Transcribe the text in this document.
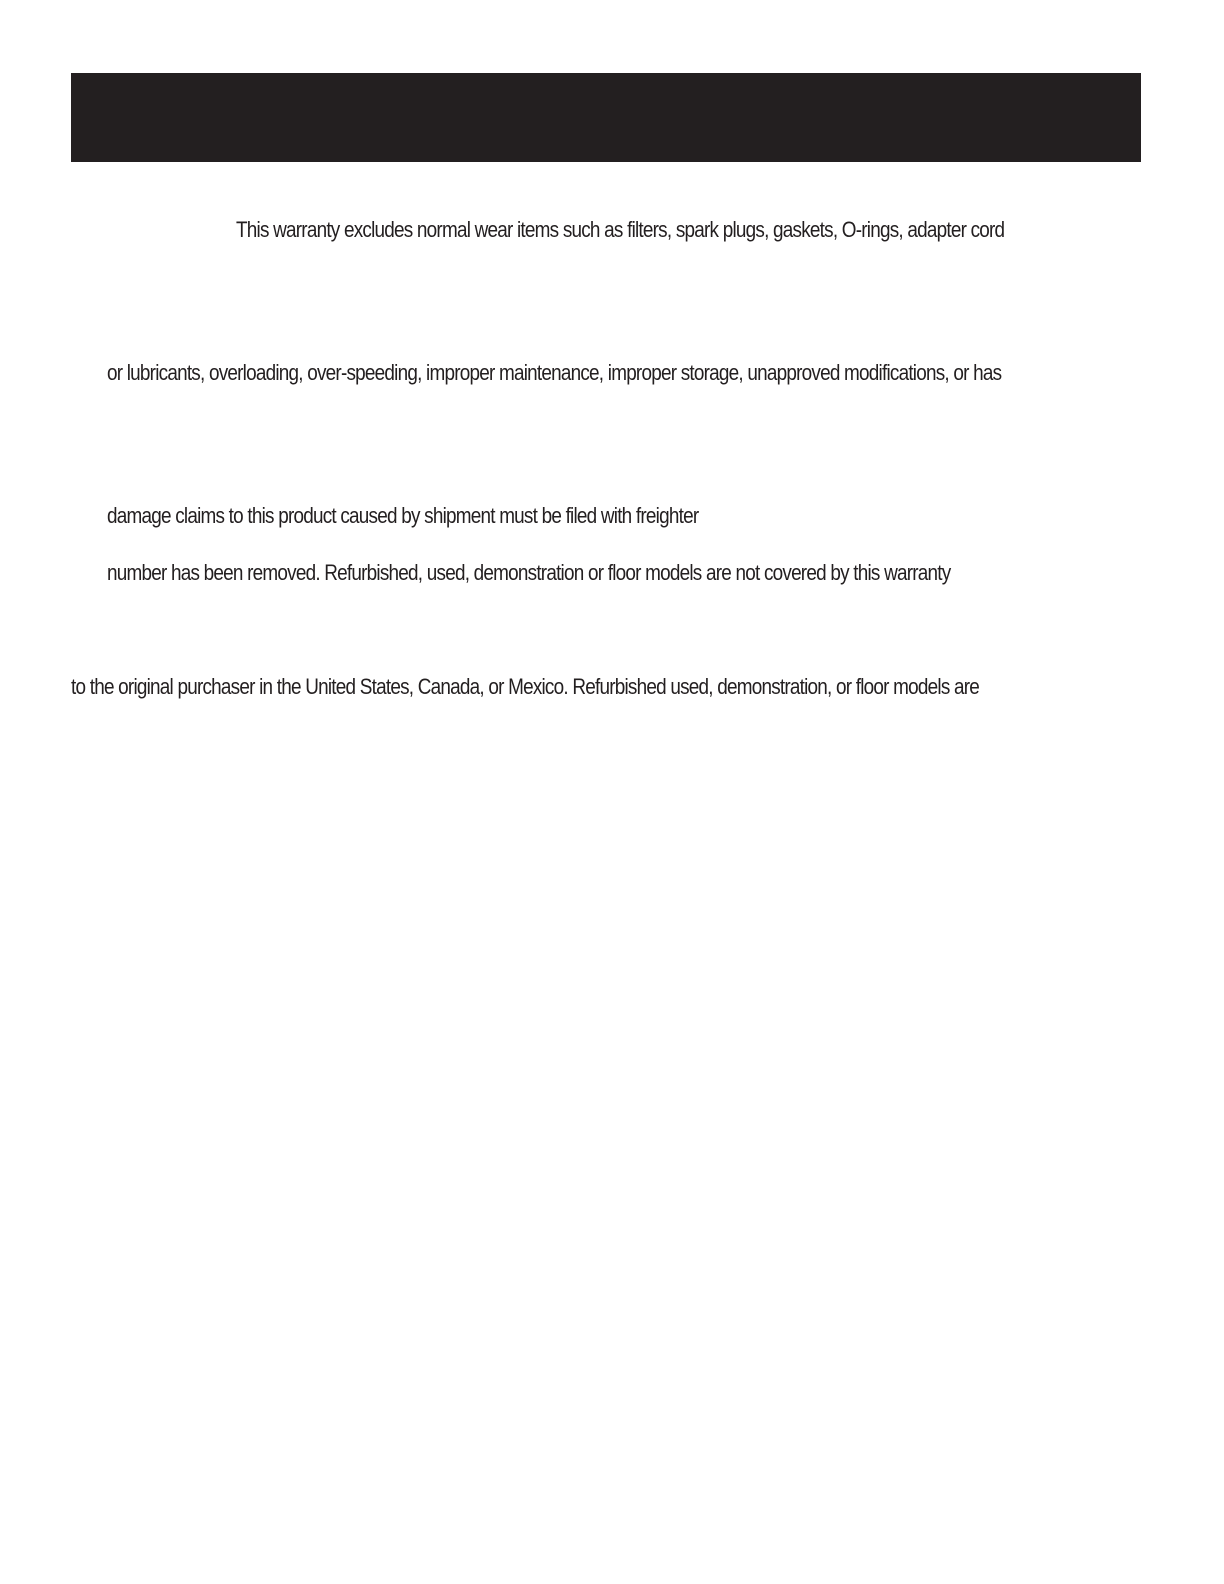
This warranty excludes normal wear items such as filters, spark plugs, gaskets, O-rings, adapter cord
or lubricants, overloading, over-speeding, improper maintenance, improper storage, unapproved modifications, or has
damage claims to this product caused by shipment must be filed with freighter
number has been removed. Refurbished, used, demonstration or floor models are not covered by this warranty
to the original purchaser in the United States, Canada, or Mexico. Refurbished used, demonstration, or floor models are
